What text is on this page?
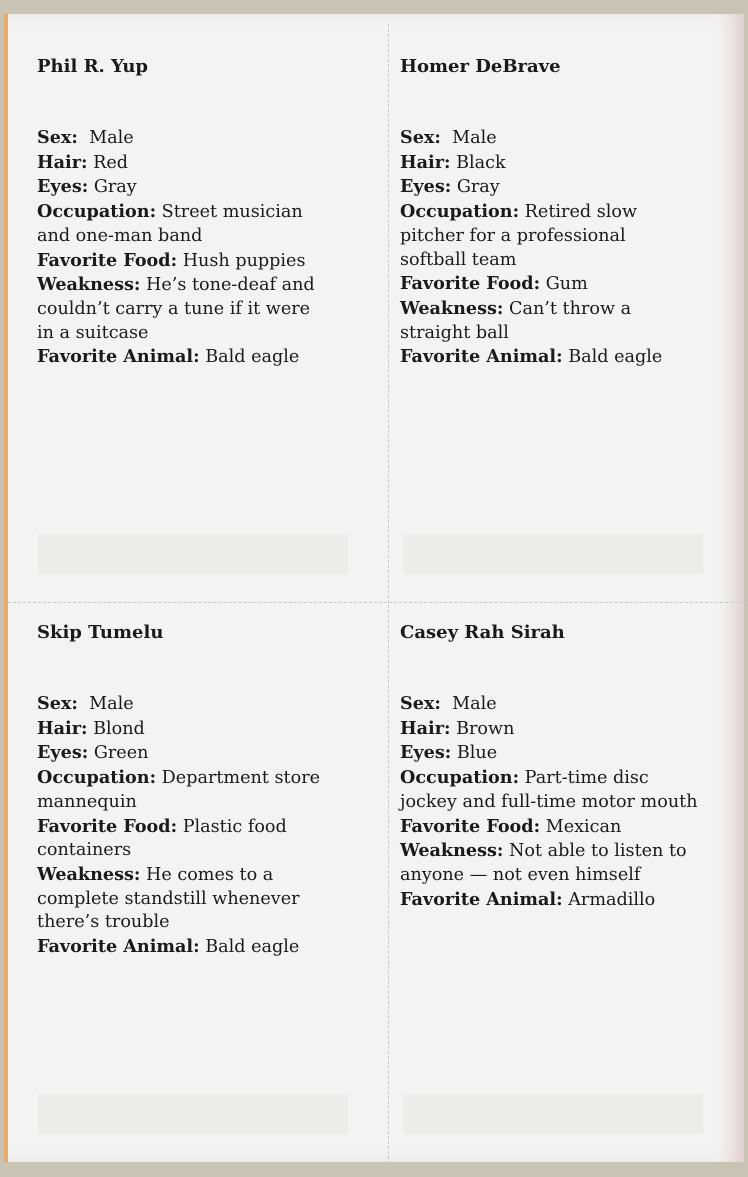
Phil R. Yup

Sex: Male
Hair: Red
Eyes: Gray
Occupation: Street musician
and one-man band
Favorite Food: Hush puppies
Weakness: He’s tone-deaf and
couldn’t carry a tune if it were
in a suitcase
Favorite Animal: Bald eagle

Homer DeBrave

Sex: Male
Hair: Black
Eyes: Gray
Occupation: Retired slow
pitcher for a professional
softball team
Favorite Food: Gum
Weakness: Can’t throw a
straight ball
Favorite Animal: Bald eagle

Skip Tumelu

Sex: Male
Hair: Blond
Eyes: Green
Occupation: Department store
mannequin
Favorite Food: Plastic food
containers
Weakness: He comes to a
complete standstill whenever
there’s trouble
Favorite Animal: Bald eagle

Casey Rah Sirah

Sex: Male
Hair: Brown
Eyes: Blue
Occupation: Part-time disc
jockey and full-time motor mouth
Favorite Food: Mexican
Weakness: Not able to listen to
anyone — not even himself
Favorite Animal: Armadillo
